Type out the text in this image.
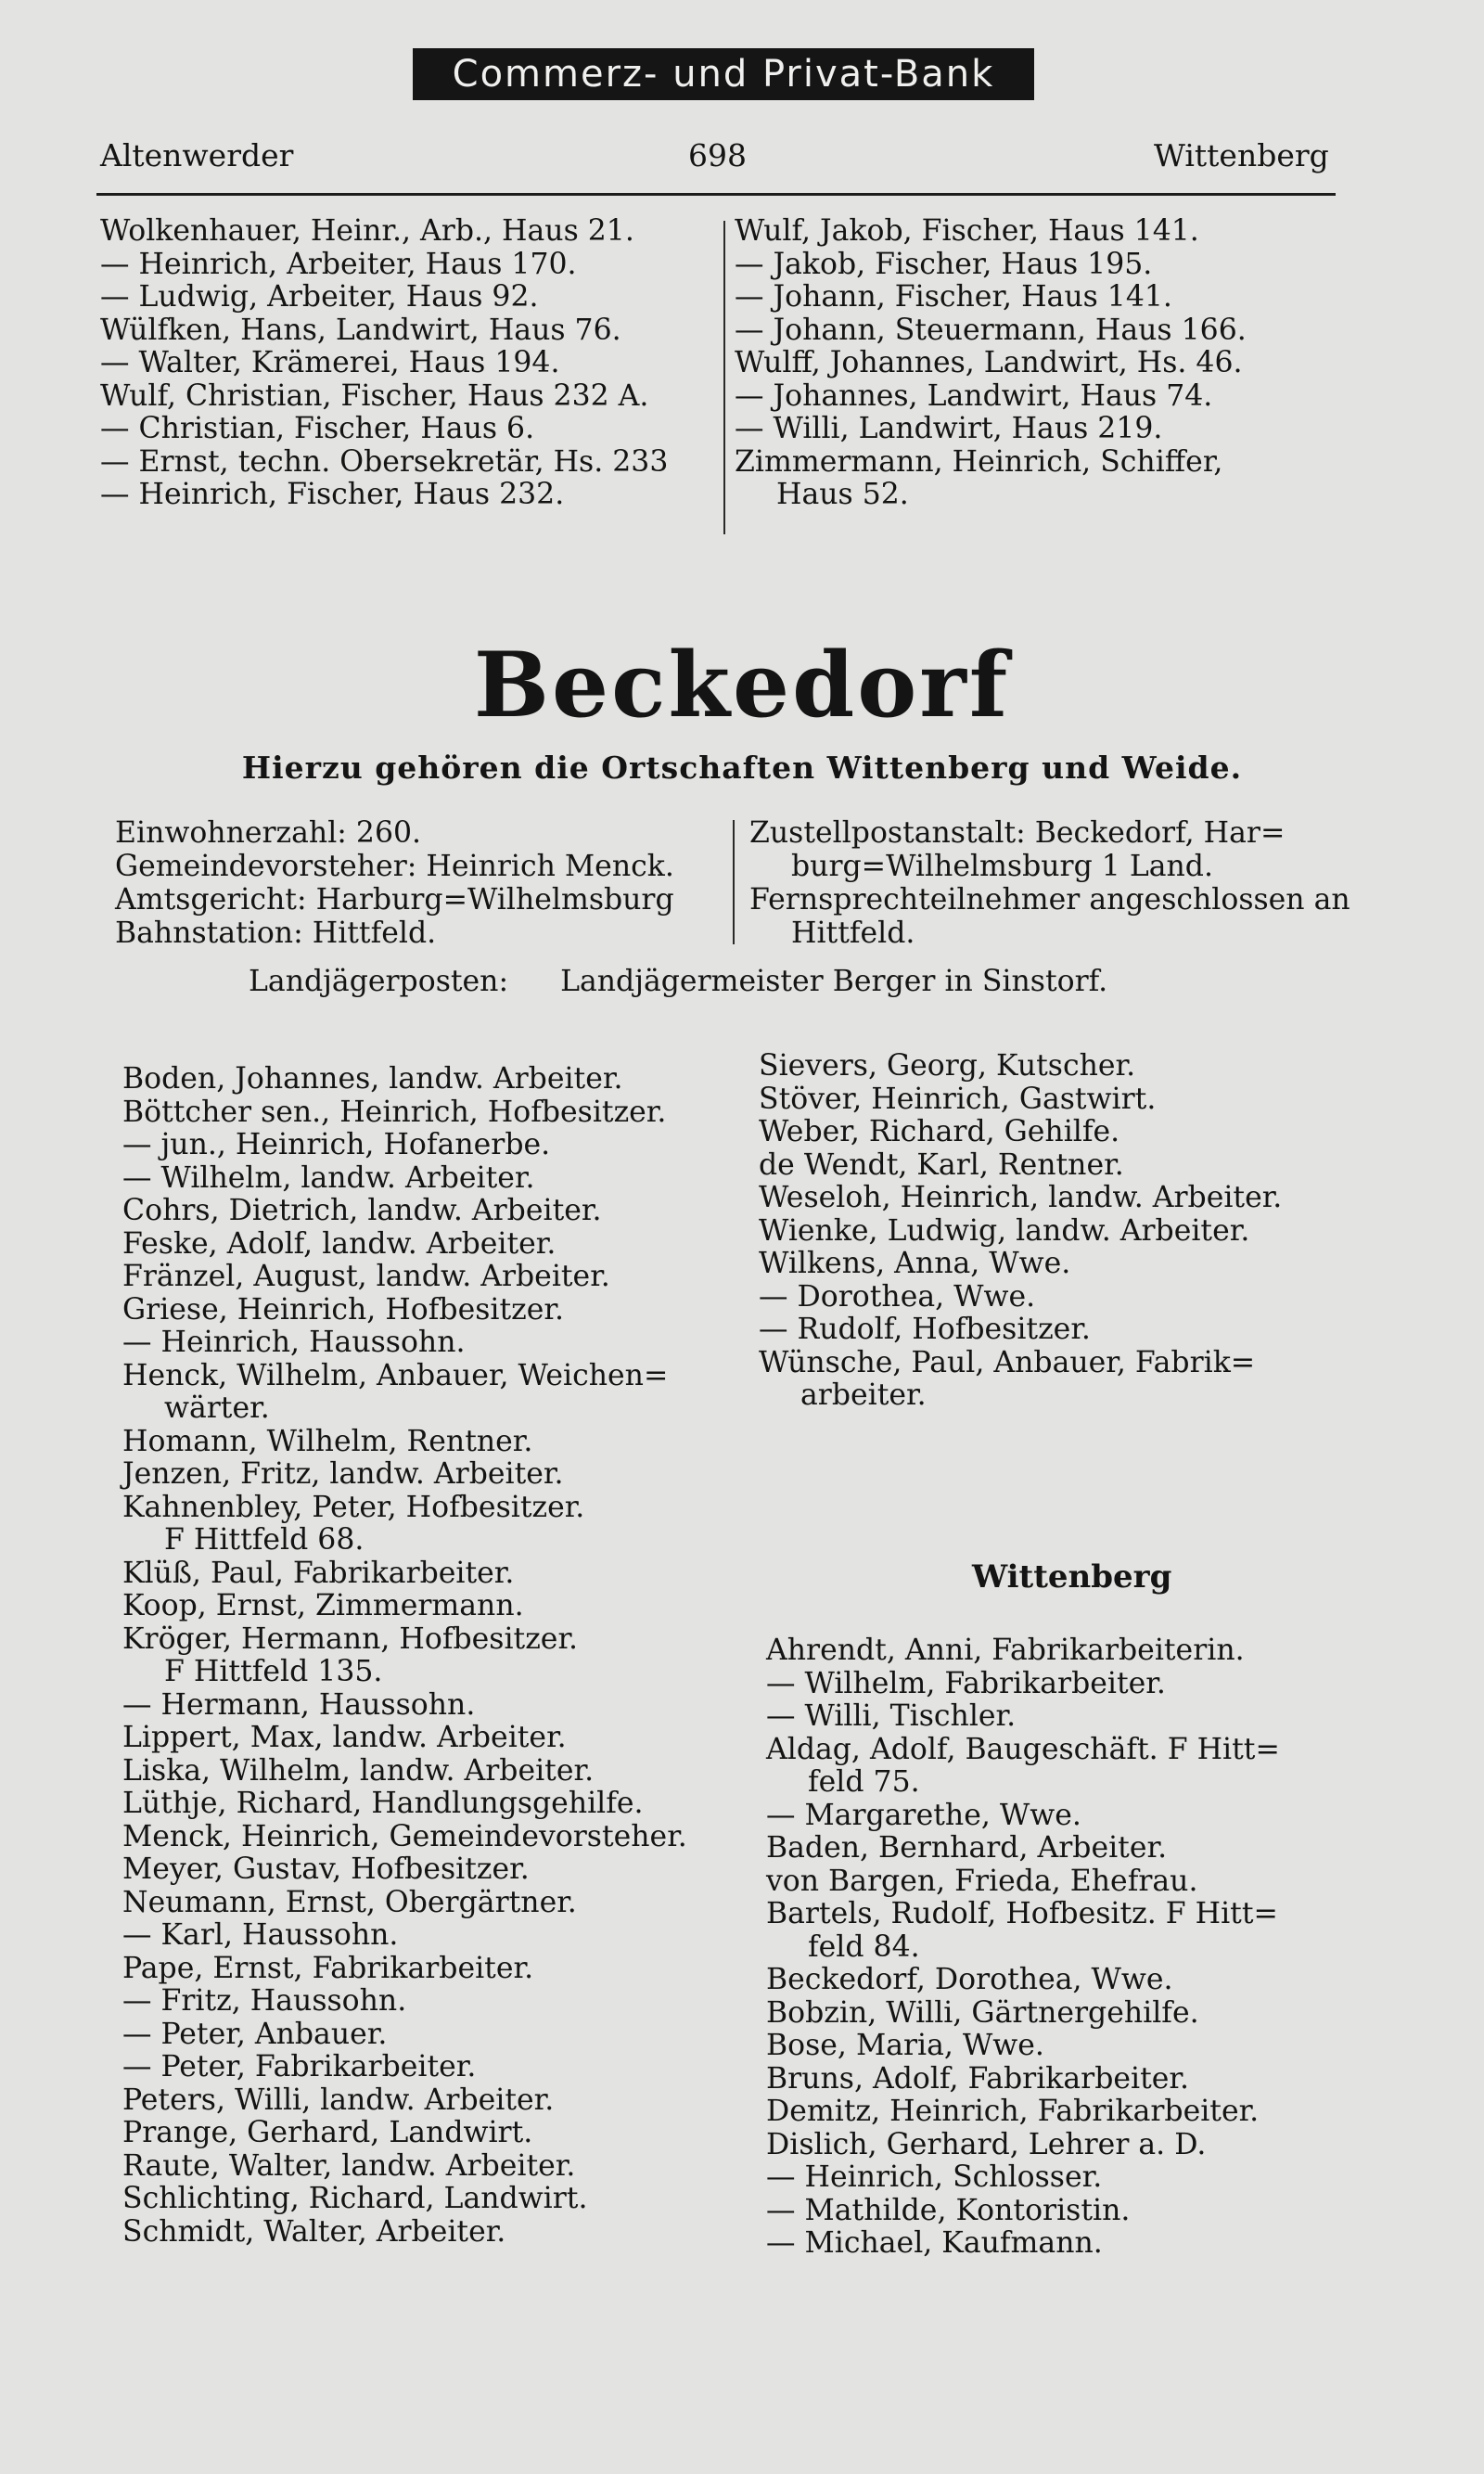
Commerz- und Privat-Bank
Altenwerder	698	Wittenberg
Wolkenhauer, Heinr., Arb., Haus 21.
— Heinrich, Arbeiter, Haus 170.
— Ludwig, Arbeiter, Haus 92.
Wülfken, Hans, Landwirt, Haus 76.
— Walter, Krämerei, Haus 194.
Wulf, Christian, Fischer, Haus 232 A.
— Christian, Fischer, Haus 6.
— Ernst, techn. Obersekretär, Hs. 233
— Heinrich, Fischer, Haus 232.
Wulf, Jakob, Fischer, Haus 141.
— Jakob, Fischer, Haus 195.
— Johann, Fischer, Haus 141.
— Johann, Steuermann, Haus 166.
Wulff, Johannes, Landwirt, Hs. 46.
— Johannes, Landwirt, Haus 74.
— Willi, Landwirt, Haus 219.
Zimmermann, Heinrich, Schiffer,
Haus 52.
Beckedorf
Hierzu gehören die Ortschaften Wittenberg und Weide.
Einwohnerzahl: 260.
Gemeindevorsteher: Heinrich Menck.
Amtsgericht: Harburg=Wilhelmsburg
Bahnstation: Hittfeld.
Zustellpostanstalt: Beckedorf, Har=
burg=Wilhelmsburg 1 Land.
Fernsprechteilnehmer angeschlossen an
Hittfeld.
Landjägerposten: Landjägermeister Berger in Sinstorf.
Boden, Johannes, landw. Arbeiter.
Böttcher sen., Heinrich, Hofbesitzer.
— jun., Heinrich, Hofanerbe.
— Wilhelm, landw. Arbeiter.
Cohrs, Dietrich, landw. Arbeiter.
Feske, Adolf, landw. Arbeiter.
Fränzel, August, landw. Arbeiter.
Griese, Heinrich, Hofbesitzer.
— Heinrich, Haussohn.
Henck, Wilhelm, Anbauer, Weichen=
wärter.
Homann, Wilhelm, Rentner.
Jenzen, Fritz, landw. Arbeiter.
Kahnenbley, Peter, Hofbesitzer.
F Hittfeld 68.
Klüß, Paul, Fabrikarbeiter.
Koop, Ernst, Zimmermann.
Kröger, Hermann, Hofbesitzer.
F Hittfeld 135.
— Hermann, Haussohn.
Lippert, Max, landw. Arbeiter.
Liska, Wilhelm, landw. Arbeiter.
Lüthje, Richard, Handlungsgehilfe.
Menck, Heinrich, Gemeindevorsteher.
Meyer, Gustav, Hofbesitzer.
Neumann, Ernst, Obergärtner.
— Karl, Haussohn.
Pape, Ernst, Fabrikarbeiter.
— Fritz, Haussohn.
— Peter, Anbauer.
— Peter, Fabrikarbeiter.
Peters, Willi, landw. Arbeiter.
Prange, Gerhard, Landwirt.
Raute, Walter, landw. Arbeiter.
Schlichting, Richard, Landwirt.
Schmidt, Walter, Arbeiter.
Sievers, Georg, Kutscher.
Stöver, Heinrich, Gastwirt.
Weber, Richard, Gehilfe.
de Wendt, Karl, Rentner.
Weseloh, Heinrich, landw. Arbeiter.
Wienke, Ludwig, landw. Arbeiter.
Wilkens, Anna, Wwe.
— Dorothea, Wwe.
— Rudolf, Hofbesitzer.
Wünsche, Paul, Anbauer, Fabrik=
arbeiter.
Wittenberg
Ahrendt, Anni, Fabrikarbeiterin.
— Wilhelm, Fabrikarbeiter.
— Willi, Tischler.
Aldag, Adolf, Baugeschäft. F Hitt=
feld 75.
— Margarethe, Wwe.
Baden, Bernhard, Arbeiter.
von Bargen, Frieda, Ehefrau.
Bartels, Rudolf, Hofbesitz. F Hitt=
feld 84.
Beckedorf, Dorothea, Wwe.
Bobzin, Willi, Gärtnergehilfe.
Bose, Maria, Wwe.
Bruns, Adolf, Fabrikarbeiter.
Demitz, Heinrich, Fabrikarbeiter.
Dislich, Gerhard, Lehrer a. D.
— Heinrich, Schlosser.
— Mathilde, Kontoristin.
— Michael, Kaufmann.
